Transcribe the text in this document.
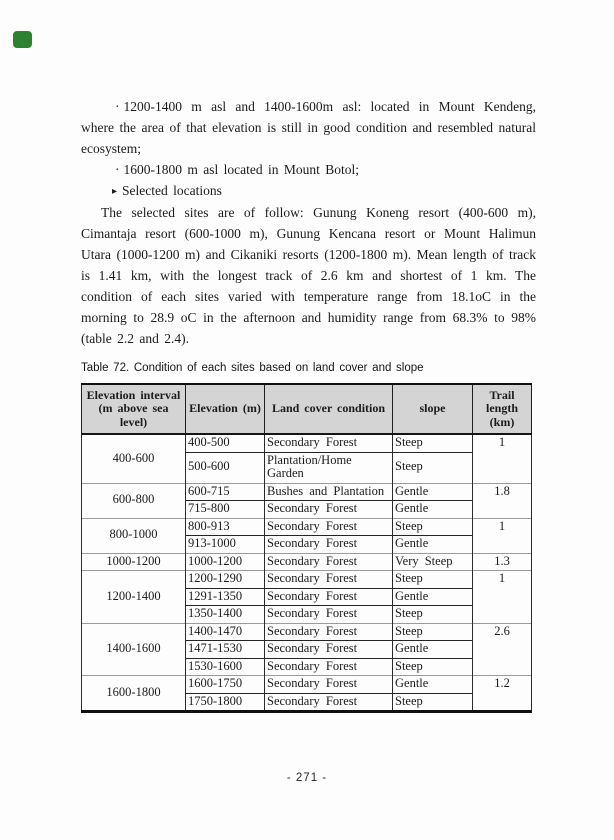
· 1200-1400 m asl and 1400-1600m asl: located in Mount Kendeng, where the area of that elevation is still in good condition and resembled natural ecosystem;

· 1600-1800 m asl located in Mount Botol;

▸ Selected locations

The selected sites are of follow: Gunung Koneng resort (400-600 m), Cimantaja resort (600-1000 m), Gunung Kencana resort or Mount Halimun Utara (1000-1200 m) and Cikaniki resorts (1200-1800 m). Mean length of track is 1.41 km, with the longest track of 2.6 km and shortest of 1 km. The condition of each sites varied with temperature range from 18.1oC in the morning to 28.9 oC in the afternoon and humidity range from 68.3% to 98% (table 2.2 and 2.4).

Table 72. Condition of each sites based on land cover and slope
Elevation interval (m above sea level)	Elevation (m)	Land cover condition	slope	Trail length (km)
400-600	400-500	Secondary Forest	Steep	1
	500-600	Plantation/Home Garden	Steep	
600-800	600-715	Bushes and Plantation	Gentle	1.8
	715-800	Secondary Forest	Gentle	
800-1000	800-913	Secondary Forest	Steep	1
	913-1000	Secondary Forest	Gentle	
1000-1200	1000-1200	Secondary Forest	Very Steep	1.3
1200-1400	1200-1290	Secondary Forest	Steep	1
	1291-1350	Secondary Forest	Gentle	
	1350-1400	Secondary Forest	Steep	
1400-1600	1400-1470	Secondary Forest	Steep	2.6
	1471-1530	Secondary Forest	Gentle	
	1530-1600	Secondary Forest	Steep	
1600-1800	1600-1750	Secondary Forest	Gentle	1.2
	1750-1800	Secondary Forest	Steep	
- 271 -
